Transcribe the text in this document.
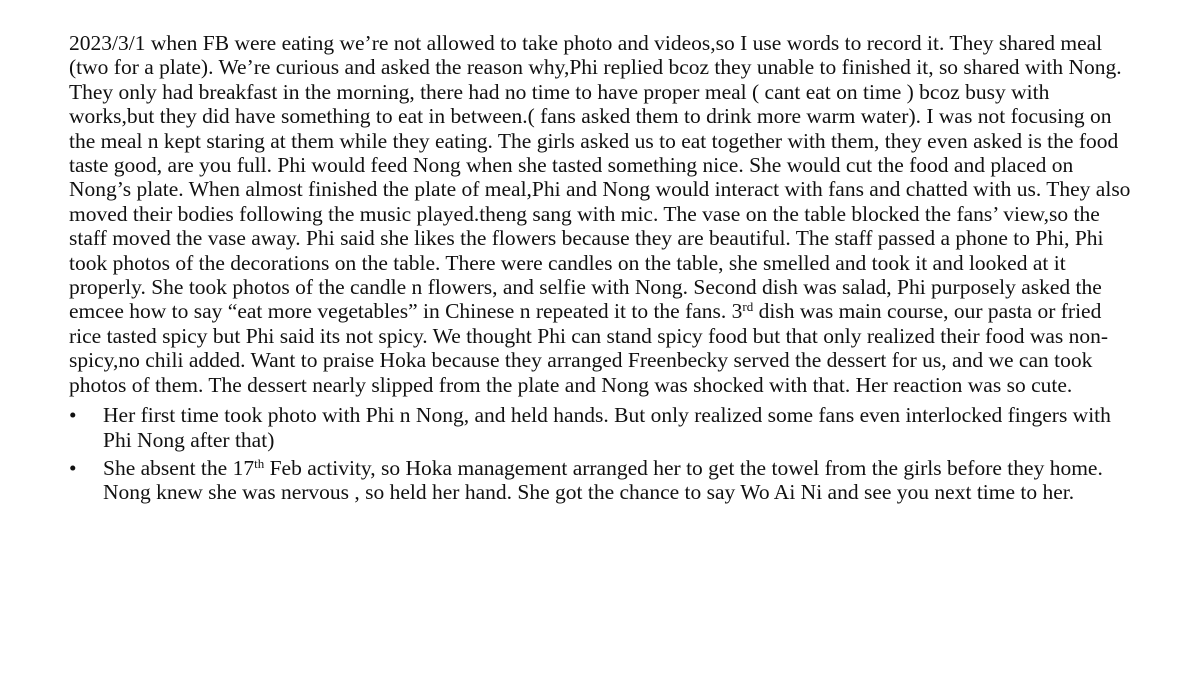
2023/3/1 when FB were eating we’re not allowed to take photo and videos,so I use words to record it. They shared meal (two for a plate). We’re curious and asked the reason why,Phi replied bcoz they unable to finished it, so shared with Nong. They only had breakfast in the morning, there had no time to have proper meal ( cant eat on time ) bcoz busy with works,but they did have something to eat in between.( fans asked them to drink more warm water). I was not focusing on the meal n kept staring at them while they eating. The girls asked us to eat together with them, they even asked is the food taste good, are you full. Phi would feed Nong when she tasted something nice. She would cut the food and placed on Nong’s plate. When almost finished the plate of meal,Phi and Nong would interact with fans and chatted with us. They also moved their bodies following the music played.theng sang with mic. The vase on the table blocked the fans’ view,so the staff moved the vase away. Phi said she likes the flowers because they are beautiful. The staff passed a phone to Phi, Phi took photos of the decorations on the table. There were candles on the table, she smelled and took it and looked at it properly. She took photos of the candle n flowers, and selfie with Nong. Second dish was salad, Phi purposely asked the emcee how to say “eat more vegetables” in Chinese n repeated it to the fans. 3rd dish was main course, our pasta or fried rice tasted spicy but Phi said its not spicy. We thought Phi can stand spicy food but that only realized their food was non-spicy,no chili added. Want to praise Hoka because they arranged Freenbecky served the dessert for us, and we can took photos of them. The dessert nearly slipped from the plate and Nong was shocked with that. Her reaction was so cute.

• Her first time took photo with Phi n Nong, and held hands. But only realized some fans even interlocked fingers with Phi Nong after that)
• She absent the 17th Feb activity, so Hoka management arranged her to get the towel from the girls before they home. Nong knew she was nervous , so held her hand. She got the chance to say Wo Ai Ni and see you next time to her.
